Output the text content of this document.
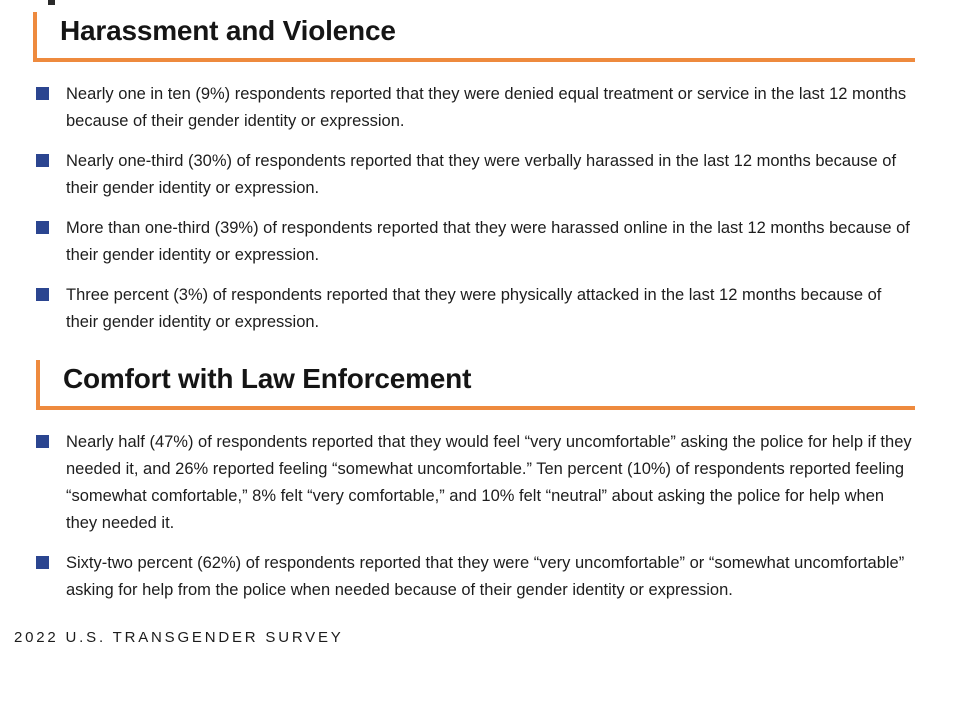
Harassment and Violence

Nearly one in ten (9%) respondents reported that they were denied equal treatment or service in the last 12 months because of their gender identity or expression.

Nearly one-third (30%) of respondents reported that they were verbally harassed in the last 12 months because of their gender identity or expression.

More than one-third (39%) of respondents reported that they were harassed online in the last 12 months because of their gender identity or expression.

Three percent (3%) of respondents reported that they were physically attacked in the last 12 months because of their gender identity or expression.

Comfort with Law Enforcement

Nearly half (47%) of respondents reported that they would feel “very uncomfortable” asking the police for help if they needed it, and 26% reported feeling “somewhat uncomfortable.” Ten percent (10%) of respondents reported feeling “somewhat comfortable,” 8% felt “very comfortable,” and 10% felt “neutral” about asking the police for help when they needed it.

Sixty-two percent (62%) of respondents reported that they were “very uncomfortable” or “somewhat uncomfortable” asking for help from the police when needed because of their gender identity or expression.

2022 U.S. TRANSGENDER SURVEY
